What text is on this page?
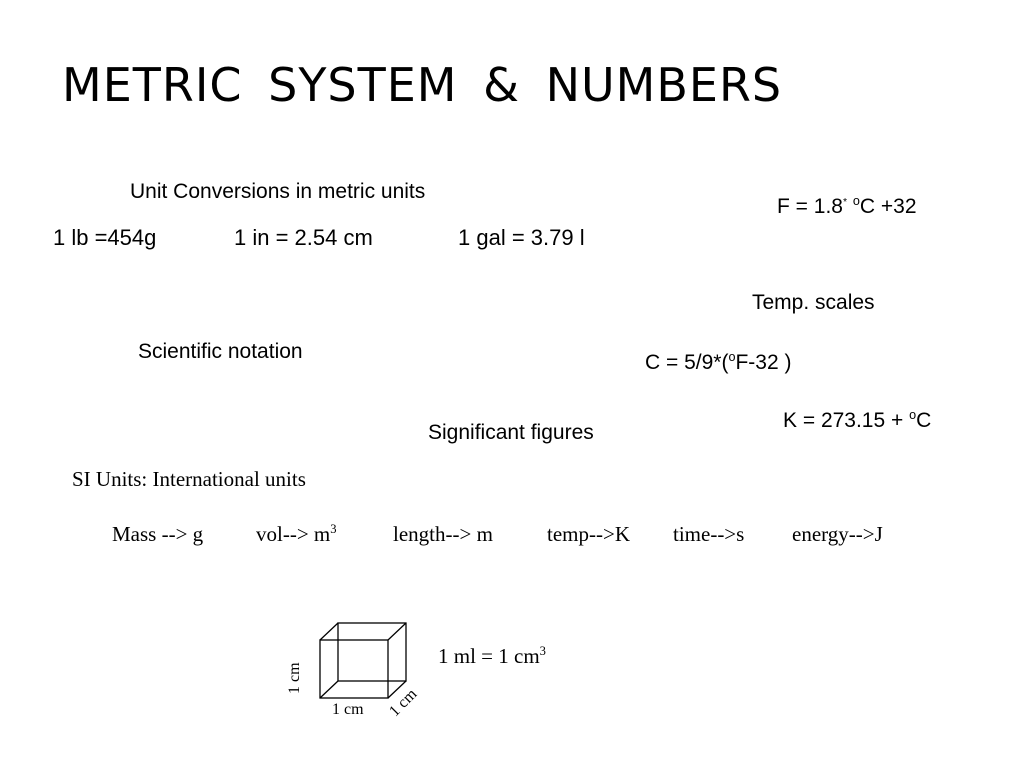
METRIC SYSTEM & NUMBERS
Unit Conversions in metric units
1 lb =454g	1 in = 2.54 cm	1 gal = 3.79 l
F = 1.8* $^o$C +32
Temp. scales
C = 5/9*($^o$F-32 )
K = 273.15 + $^o$C
Scientific notation
Significant figures
SI Units: International units
Mass --> g	$vol--> m^3$	length--> m	temp-->K time-->s energy-->J
1 cm
1 cm 1 cm
1 ml = 1 $cm^3$
